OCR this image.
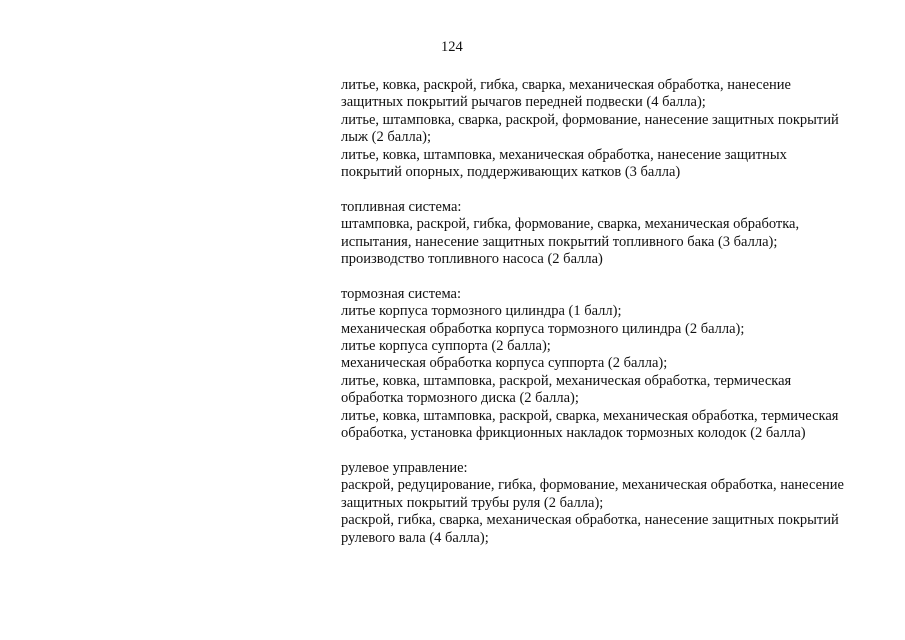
124
литье, ковка, раскрой, гибка, сварка, механическая обработка, нанесение
защитных покрытий рычагов передней подвески (4 балла);
литье, штамповка, сварка, раскрой, формование, нанесение защитных покрытий
лыж (2 балла);
литье, ковка, штамповка, механическая обработка, нанесение защитных
покрытий опорных, поддерживающих катков (3 балла)
топливная система:
штамповка, раскрой, гибка, формование, сварка, механическая обработка,
испытания, нанесение защитных покрытий топливного бака (3 балла);
производство топливного насоса (2 балла)
тормозная система:
литье корпуса тормозного цилиндра (1 балл);
механическая обработка корпуса тормозного цилиндра (2 балла);
литье корпуса суппорта (2 балла);
механическая обработка корпуса суппорта (2 балла);
литье, ковка, штамповка, раскрой, механическая обработка, термическая
обработка тормозного диска (2 балла);
литье, ковка, штамповка, раскрой, сварка, механическая обработка, термическая
обработка, установка фрикционных накладок тормозных колодок (2 балла)
рулевое управление:
раскрой, редуцирование, гибка, формование, механическая обработка, нанесение
защитных покрытий трубы руля (2 балла);
раскрой, гибка, сварка, механическая обработка, нанесение защитных покрытий
рулевого вала (4 балла);
